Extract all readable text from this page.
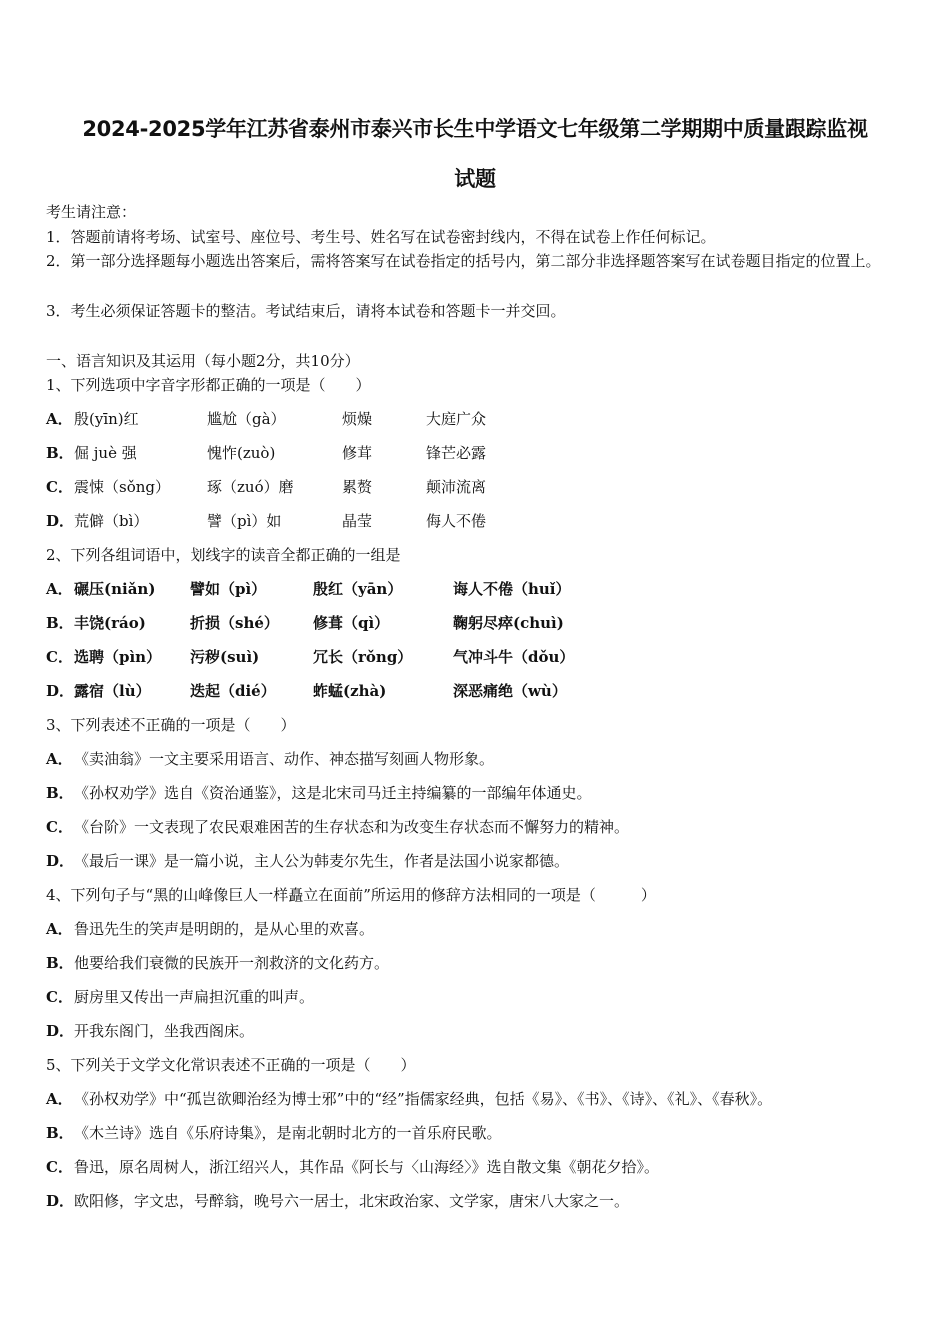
2024-2025学年江苏省泰州市泰兴市长生中学语文七年级第二学期期中质量跟踪监视
试题
考生请注意：
1．答题前请将考场、试室号、座位号、考生号、姓名写在试卷密封线内，不得在试卷上作任何标记。
2．第一部分选择题每小题选出答案后，需将答案写在试卷指定的括号内，第二部分非选择题答案写在试卷题目指定的位置上。
3．考生必须保证答题卡的整洁。考试结束后，请将本试卷和答题卡一并交回。
一、语言知识及其运用（每小题2分，共10分）
1、下列选项中字音字形都正确的一项是（　　）
A． 殷(yīn)红	尴尬（gà）	烦燥	大庭广众
B． 倔 juè 强	愧怍(zuò)	修茸	锋芒必露
C． 震悚（sǒng） 琢（zuó）磨	累赘	颠沛流离
D． 荒僻（bì）	譬（pì）如	晶莹	侮人不倦
2、下列各组词语中，划线字的读音全都正确的一组是
A． 碾压(niǎn) 譬如（pì）	殷红（yān）	诲人不倦（huǐ）
B． 丰饶(ráo)	折损（shé） 修葺（qì）	鞠躬尽瘁(chuì)
C． 选聘（pìn） 污秽(suì)	冗长（rǒng）	气冲斗牛（dǒu）
D． 露宿（lù）	迭起（dié） 蚱蜢(zhà)	深恶痛绝（wù）
3、下列表述不正确的一项是（　　）
A． 《卖油翁》一文主要采用语言、动作、神态描写刻画人物形象。
B． 《孙权劝学》选自《资治通鉴》，这是北宋司马迁主持编纂的一部编年体通史。
C． 《台阶》一文表现了农民艰难困苦的生存状态和为改变生存状态而不懈努力的精神。
D． 《最后一课》是一篇小说，主人公为韩麦尔先生，作者是法国小说家都德。
4、下列句子与“黑的山峰像巨人一样矗立在面前”所运用的修辞方法相同的一项是（　　　）
A． 鲁迅先生的笑声是明朗的，是从心里的欢喜。
B． 他要给我们衰微的民族开一剂救济的文化药方。
C． 厨房里又传出一声扁担沉重的叫声。
D． 开我东阁门，坐我西阁床。
5、下列关于文学文化常识表述不正确的一项是（　　）
A． 《孙权劝学》中“孤岂欲卿治经为博士邪”中的“经”指儒家经典，包括《易》、《书》、《诗》、《礼》、《春秋》。
B． 《木兰诗》选自《乐府诗集》，是南北朝时北方的一首乐府民歌。
C． 鲁迅，原名周树人，浙江绍兴人，其作品《阿长与〈山海经〉》选自散文集《朝花夕拾》。
D． 欧阳修，字文忠，号醉翁，晚号六一居士，北宋政治家、文学家，唐宋八大家之一。
